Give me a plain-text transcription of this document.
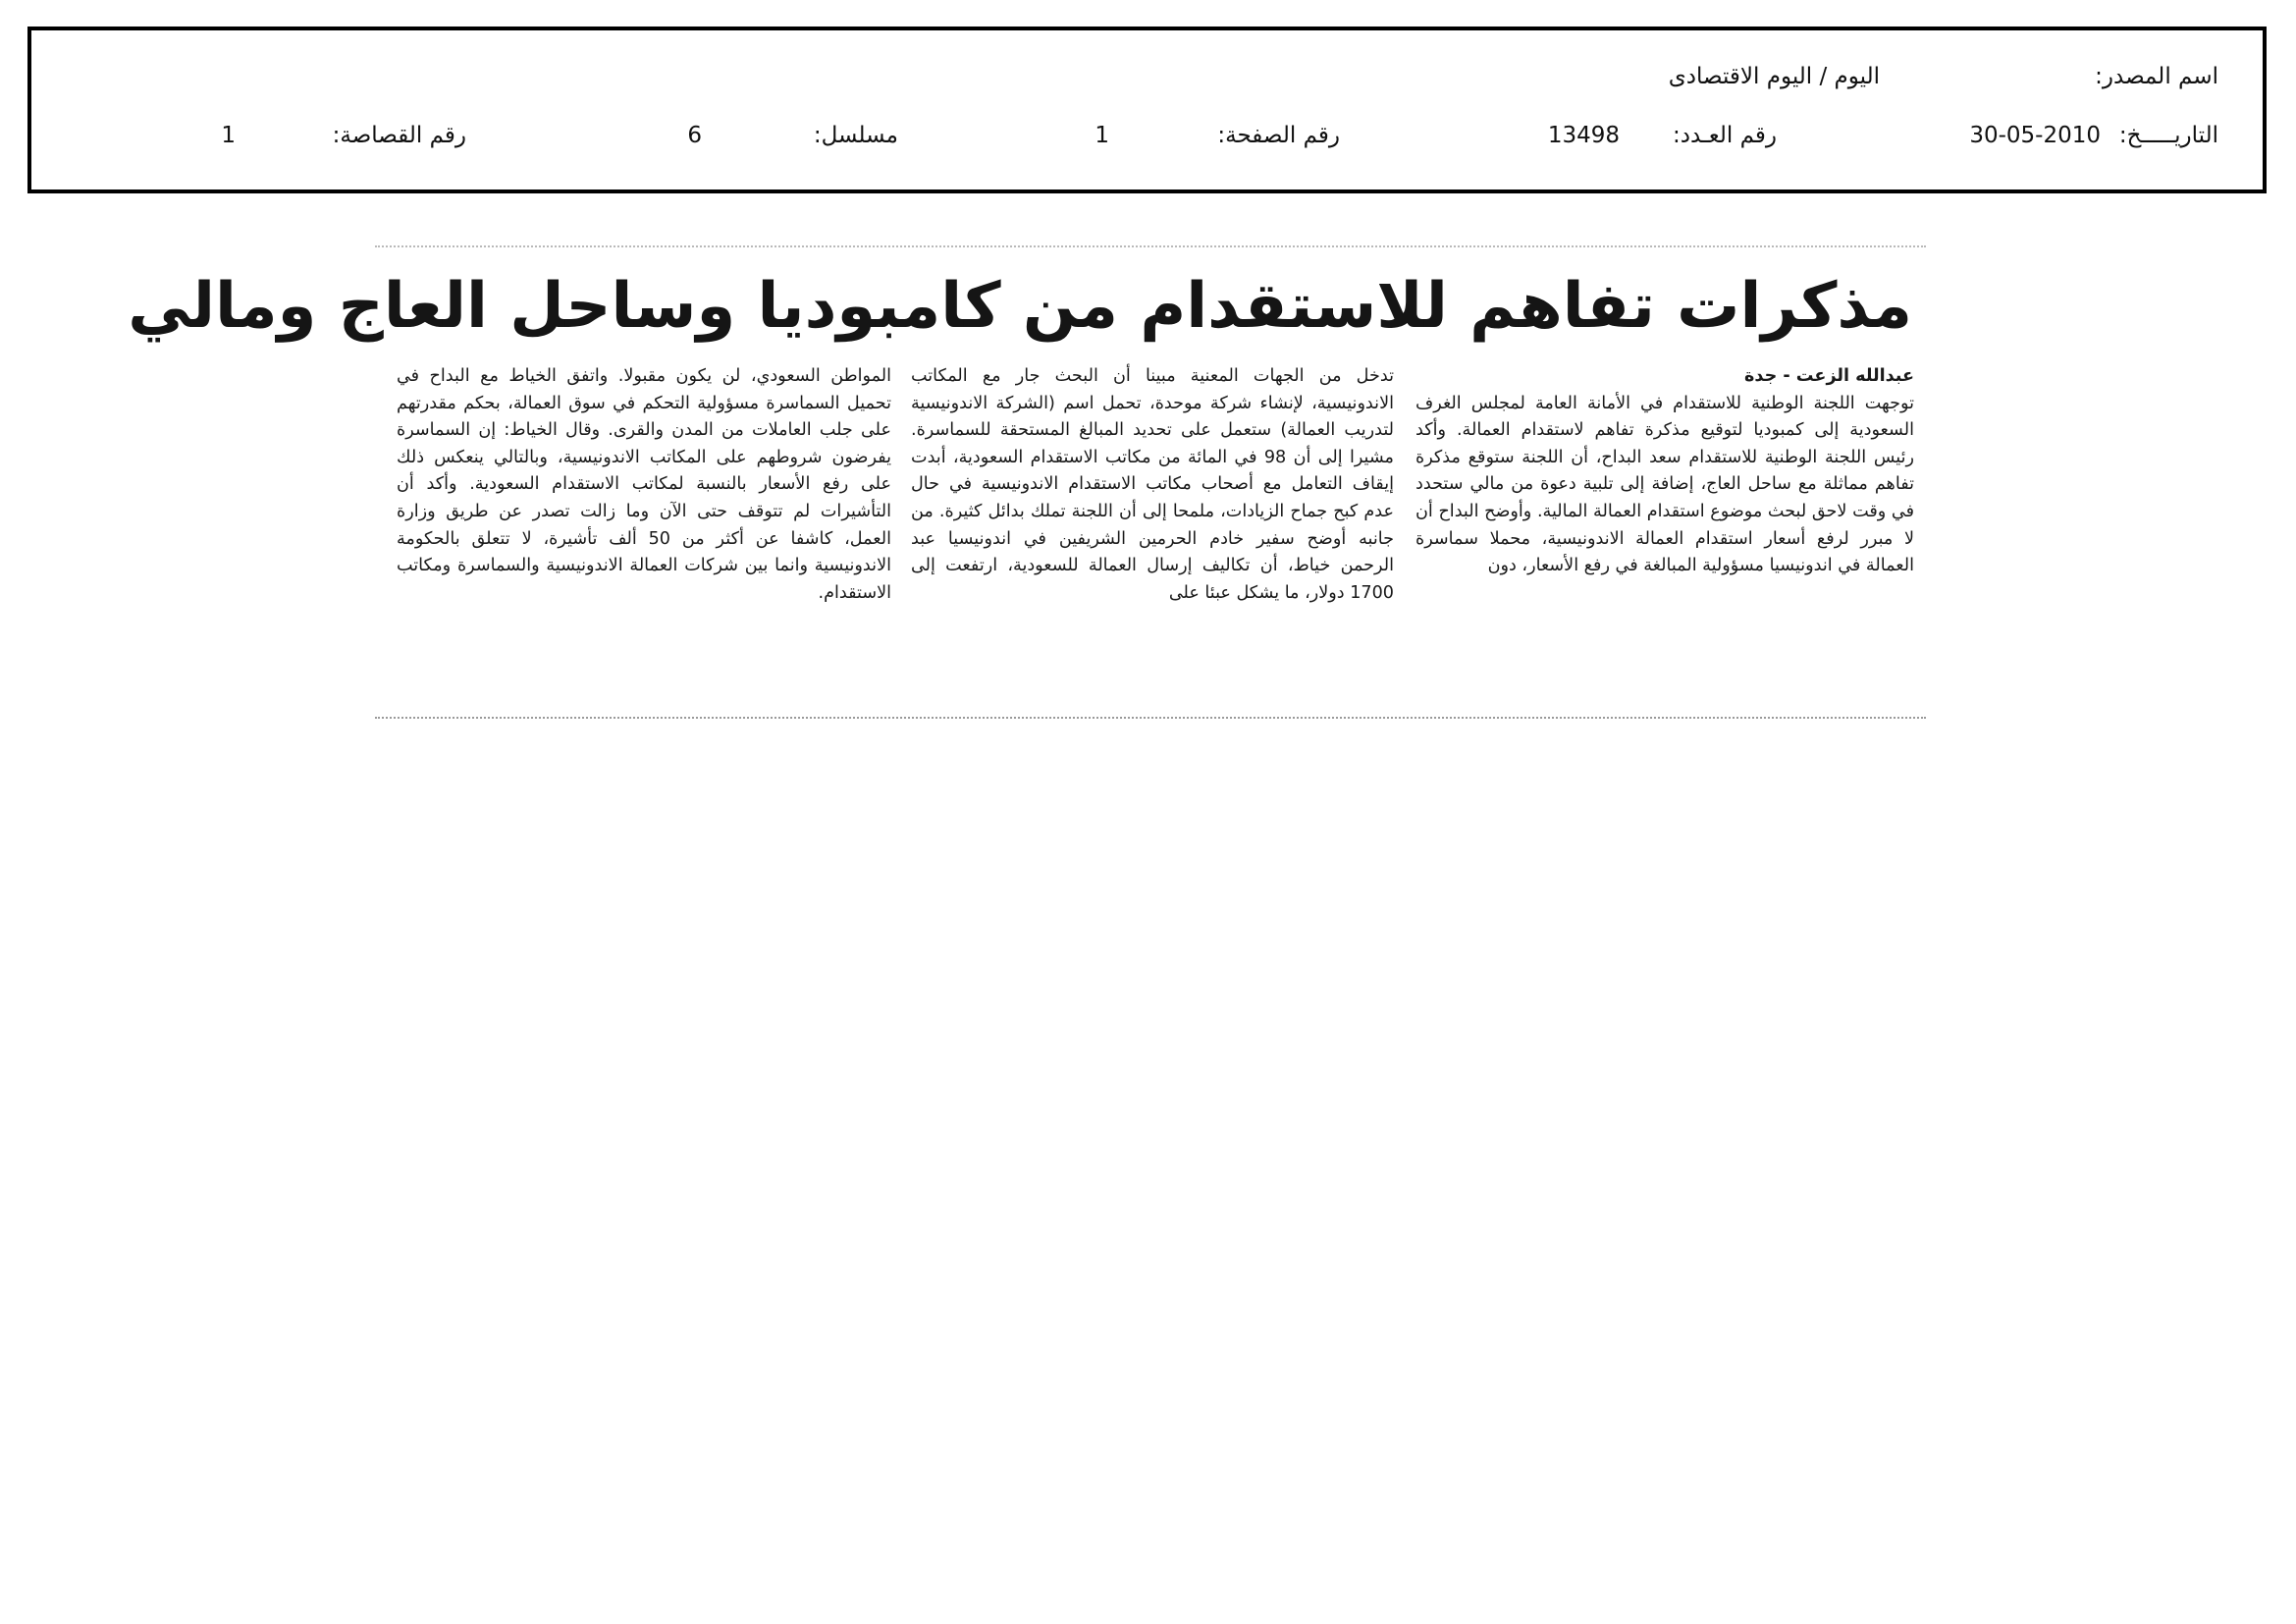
اسم المصدر:
اليوم / اليوم الاقتصادى
التاريـــــخ:
30-05-2010
رقم العـدد:
13498
رقم الصفحة:
1
مسلسل:
6
رقم القصاصة:
1
مذكرات تفاهم للاستقدام من كامبوديا وساحل العاج ومالي
عبدالله الزعت - جدة
توجهت اللجنة الوطنية للاستقدام في الأمانة العامة لمجلس الغرف السعودية إلى كمبوديا لتوقيع مذكرة تفاهم لاستقدام العمالة. وأكد رئيس اللجنة الوطنية للاستقدام سعد البداح، أن اللجنة ستوقع مذكرة تفاهم مماثلة مع ساحل العاج، إضافة إلى تلبية دعوة من مالي ستحدد في وقت لاحق لبحث موضوع استقدام العمالة المالية. وأوضح البداح أن لا مبرر لرفع أسعار استقدام العمالة الاندونيسية، محملا سماسرة العمالة في اندونيسيا مسؤولية المبالغة في رفع الأسعار، دون
تدخل من الجهات المعنية مبينا أن البحث جار مع المكاتب الاندونيسية، لإنشاء شركة موحدة، تحمل اسم (الشركة الاندونيسية لتدريب العمالة) ستعمل على تحديد المبالغ المستحقة للسماسرة. مشيرا إلى أن 98 في المائة من مكاتب الاستقدام السعودية، أبدت إيقاف التعامل مع أصحاب مكاتب الاستقدام الاندونيسية في حال عدم كبح جماح الزيادات، ملمحا إلى أن اللجنة تملك بدائل كثيرة. من جانبه أوضح سفير خادم الحرمين الشريفين في اندونيسيا عبد الرحمن خياط، أن تكاليف إرسال العمالة للسعودية، ارتفعت إلى 1700 دولار، ما يشكل عبئا على
المواطن السعودي، لن يكون مقبولا. واتفق الخياط مع البداح في تحميل السماسرة مسؤولية التحكم في سوق العمالة، بحكم مقدرتهم على جلب العاملات من المدن والقرى. وقال الخياط: إن السماسرة يفرضون شروطهم على المكاتب الاندونيسية، وبالتالي ينعكس ذلك على رفع الأسعار بالنسبة لمكاتب الاستقدام السعودية. وأكد أن التأشيرات لم تتوقف حتى الآن وما زالت تصدر عن طريق وزارة العمل، كاشفا عن أكثر من 50 ألف تأشيرة، لا تتعلق بالحكومة الاندونيسية وانما بين شركات العمالة الاندونيسية والسماسرة ومكاتب الاستقدام.
